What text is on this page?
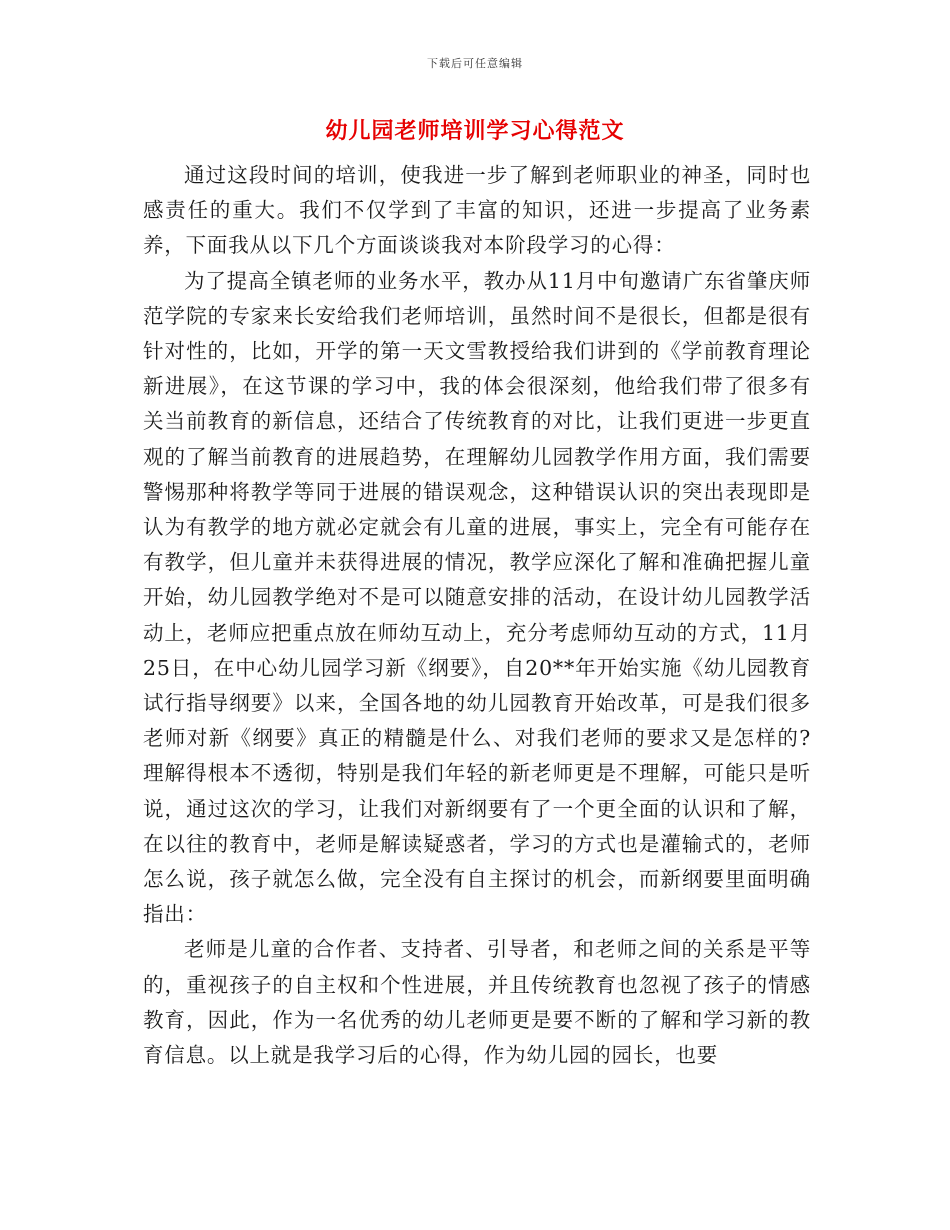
下载后可任意编辑
幼儿园老师培训学习心得范文

通过这段时间的培训，使我进一步了解到老师职业的神圣，同时也感责任的重大。我们不仅学到了丰富的知识，还进一步提高了业务素养，下面我从以下几个方面谈谈我对本阶段学习的心得：

为了提高全镇老师的业务水平，教办从11月中旬邀请广东省肇庆师范学院的专家来长安给我们老师培训，虽然时间不是很长，但都是很有针对性的，比如，开学的第一天文雪教授给我们讲到的《学前教育理论新进展》，在这节课的学习中，我的体会很深刻，他给我们带了很多有关当前教育的新信息，还结合了传统教育的对比，让我们更进一步更直观的了解当前教育的进展趋势，在理解幼儿园教学作用方面，我们需要警惕那种将教学等同于进展的错误观念，这种错误认识的突出表现即是认为有教学的地方就必定就会有儿童的进展，事实上，完全有可能存在有教学，但儿童并未获得进展的情况，教学应深化了解和准确把握儿童开始，幼儿园教学绝对不是可以随意安排的活动，在设计幼儿园教学活动上，老师应把重点放在师幼互动上，充分考虑师幼互动的方式，11月25日，在中心幼儿园学习新《纲要》，自20**年开始实施《幼儿园教育试行指导纲要》以来，全国各地的幼儿园教育开始改革，可是我们很多老师对新《纲要》真正的精髓是什么、对我们老师的要求又是怎样的?理解得根本不透彻，特别是我们年轻的新老师更是不理解，可能只是听说，通过这次的学习，让我们对新纲要有了一个更全面的认识和了解，在以往的教育中，老师是解读疑惑者，学习的方式也是灌输式的，老师怎么说，孩子就怎么做，完全没有自主探讨的机会，而新纲要里面明确指出：

老师是儿童的合作者、支持者、引导者，和老师之间的关系是平等的，重视孩子的自主权和个性进展，并且传统教育也忽视了孩子的情感教育，因此，作为一名优秀的幼儿老师更是要不断的了解和学习新的教育信息。以上就是我学习后的心得，作为幼儿园的园长，也要
